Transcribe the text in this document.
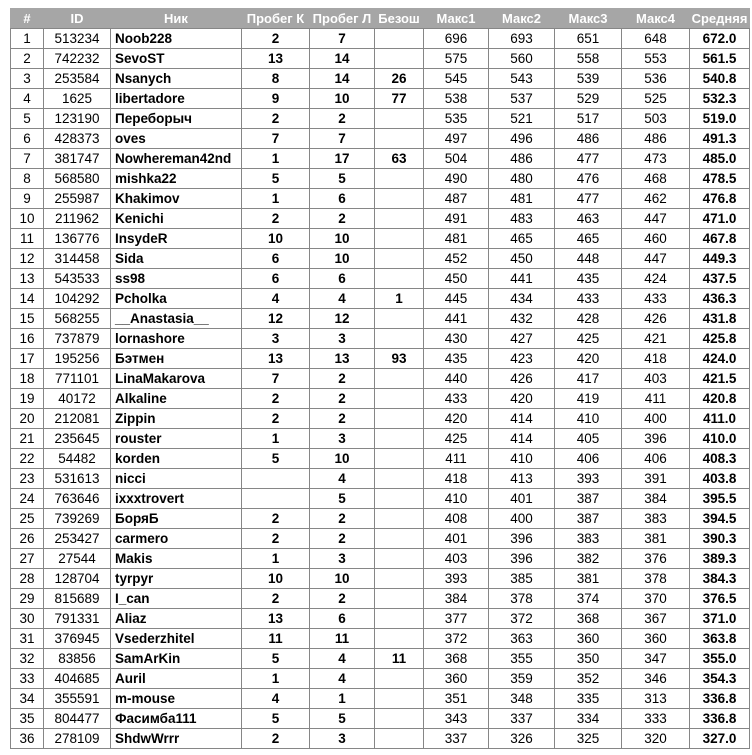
#	ID	Ник	Пробег К	Пробег Л	Безош	Макс1	Макс2	Макс3	Макс4	Средняя
1	513234	Noob228	2	7		696	693	651	648	672.0
2	742232	SevoST	13	14		575	560	558	553	561.5
3	253584	Nsanych	8	14	26	545	543	539	536	540.8
4	1625	libertadore	9	10	77	538	537	529	525	532.3
5	123190	Переборыч	2	2		535	521	517	503	519.0
6	428373	oves	7	7		497	496	486	486	491.3
7	381747	Nowhereman42nd	1	17	63	504	486	477	473	485.0
8	568580	mishka22	5	5		490	480	476	468	478.5
9	255987	Khakimov	1	6		487	481	477	462	476.8
10	211962	Kenichi	2	2		491	483	463	447	471.0
11	136776	InsydeR	10	10		481	465	465	460	467.8
12	314458	Sida	6	10		452	450	448	447	449.3
13	543533	ss98	6	6		450	441	435	424	437.5
14	104292	Pcholka	4	4	1	445	434	433	433	436.3
15	568255	__Anastasia__	12	12		441	432	428	426	431.8
16	737879	lornashore	3	3		430	427	425	421	425.8
17	195256	Бэтмен	13	13	93	435	423	420	418	424.0
18	771101	LinaMakarova	7	2		440	426	417	403	421.5
19	40172	Alkaline	2	2		433	420	419	411	420.8
20	212081	Zippin	2	2		420	414	410	400	411.0
21	235645	rouster	1	3		425	414	405	396	410.0
22	54482	korden	5	10		411	410	406	406	408.3
23	531613	nicci		4		418	413	393	391	403.8
24	763646	ixxxtrovert		5		410	401	387	384	395.5
25	739269	БоряБ	2	2		408	400	387	383	394.5
26	253427	carmero	2	2		401	396	383	381	390.3
27	27544	Makis	1	3		403	396	382	376	389.3
28	128704	tyrpyr	10	10		393	385	381	378	384.3
29	815689	I_can	2	2		384	378	374	370	376.5
30	791331	Aliaz	13	6		377	372	368	367	371.0
31	376945	Vsederzhitel	11	11		372	363	360	360	363.8
32	83856	SamArKin	5	4	11	368	355	350	347	355.0
33	404685	Auril	1	4		360	359	352	346	354.3
34	355591	m-mouse	4	1		351	348	335	313	336.8
35	804477	Фасимба111	5	5		343	337	334	333	336.8
36	278109	ShdwWrrr	2	3		337	326	325	320	327.0
